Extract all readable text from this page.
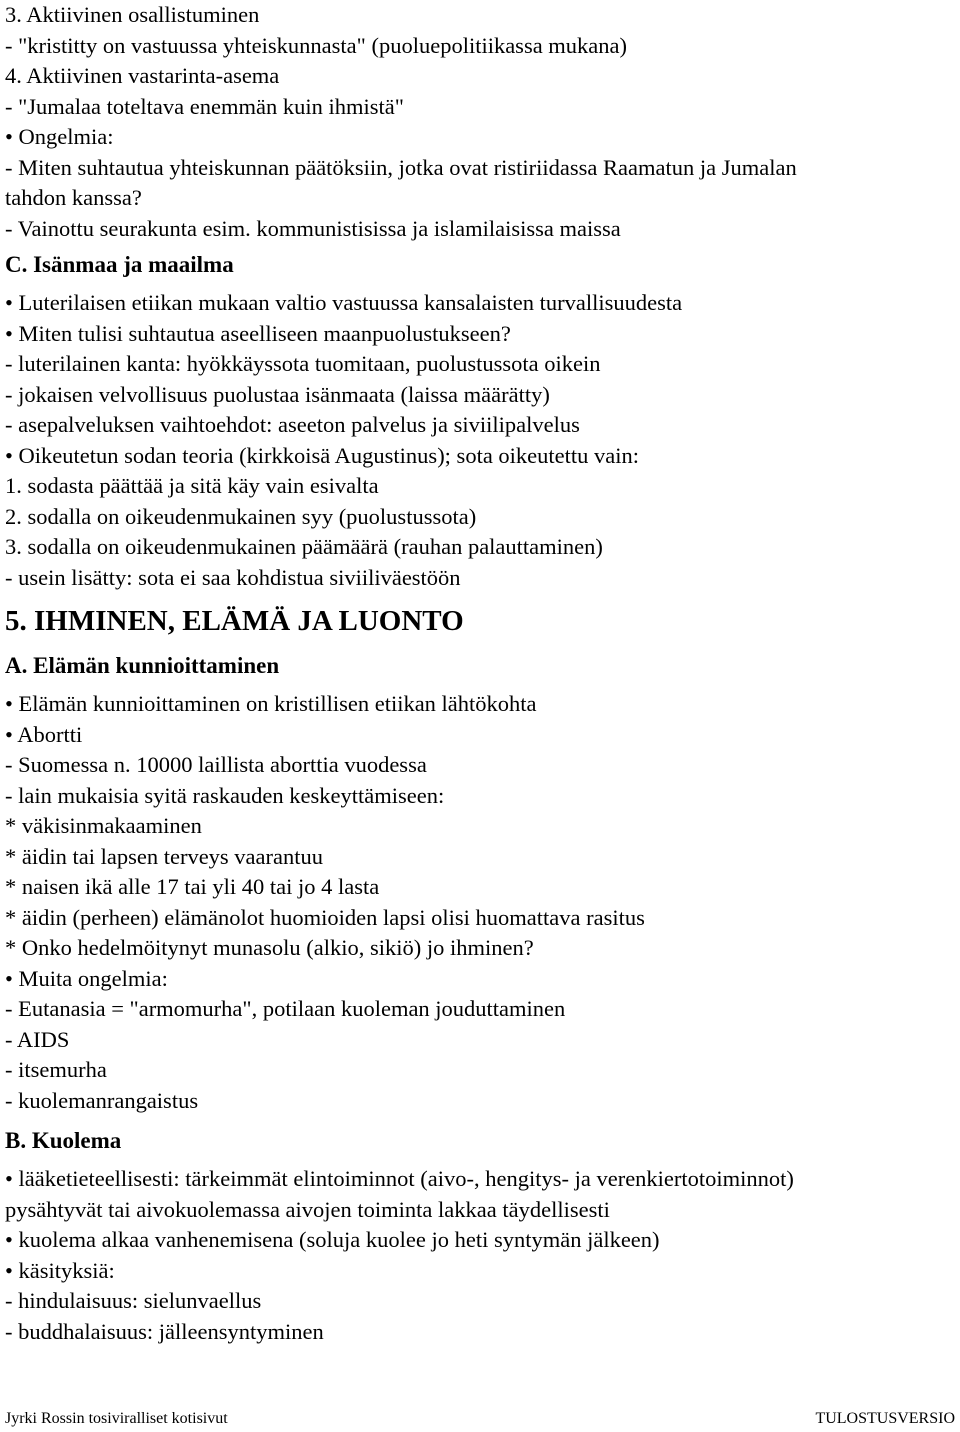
3. Aktiivinen osallistuminen
- "kristitty on vastuussa yhteiskunnasta" (puoluepolitiikassa mukana)
4. Aktiivinen vastarinta-asema
- "Jumalaa toteltava enemmän kuin ihmistä"
• Ongelmia:
- Miten suhtautua yhteiskunnan päätöksiin, jotka ovat ristiriidassa Raamatun ja Jumalan
tahdon kanssa?
- Vainottu seurakunta esim. kommunistisissa ja islamilaisissa maissa
C. Isänmaa ja maailma
• Luterilaisen etiikan mukaan valtio vastuussa kansalaisten turvallisuudesta
• Miten tulisi suhtautua aseelliseen maanpuolustukseen?
- luterilainen kanta: hyökkäyssota tuomitaan, puolustussota oikein
- jokaisen velvollisuus puolustaa isänmaata (laissa määrätty)
- asepalveluksen vaihtoehdot: aseeton palvelus ja siviilipalvelus
• Oikeutetun sodan teoria (kirkkoisä Augustinus); sota oikeutettu vain:
1. sodasta päättää ja sitä käy vain esivalta
2. sodalla on oikeudenmukainen syy (puolustussota)
3. sodalla on oikeudenmukainen päämäärä (rauhan palauttaminen)
- usein lisätty: sota ei saa kohdistua siviiliväestöön
5. IHMINEN, ELÄMÄ JA LUONTO
A. Elämän kunnioittaminen
• Elämän kunnioittaminen on kristillisen etiikan lähtökohta
• Abortti
- Suomessa n. 10000 laillista aborttia vuodessa
- lain mukaisia syitä raskauden keskeyttämiseen:
* väkisinmakaaminen
* äidin tai lapsen terveys vaarantuu
* naisen ikä alle 17 tai yli 40 tai jo 4 lasta
* äidin (perheen) elämänolot huomioiden lapsi olisi huomattava rasitus
* Onko hedelmöitynyt munasolu (alkio, sikiö) jo ihminen?
• Muita ongelmia:
- Eutanasia = "armomurha", potilaan kuoleman jouduttaminen
- AIDS
- itsemurha
- kuolemanrangaistus
B. Kuolema
• lääketieteellisesti: tärkeimmät elintoiminnot (aivo-, hengitys- ja verenkiertotoiminnot)
pysähtyvät tai aivokuolemassa aivojen toiminta lakkaa täydellisesti
• kuolema alkaa vanhenemisena (soluja kuolee jo heti syntymän jälkeen)
• käsityksiä:
- hindulaisuus: sielunvaellus
- buddhalaisuus: jälleensyntyminen
Jyrki Rossin tosiviralliset kotisivut	TULOSTUSVERSIO
